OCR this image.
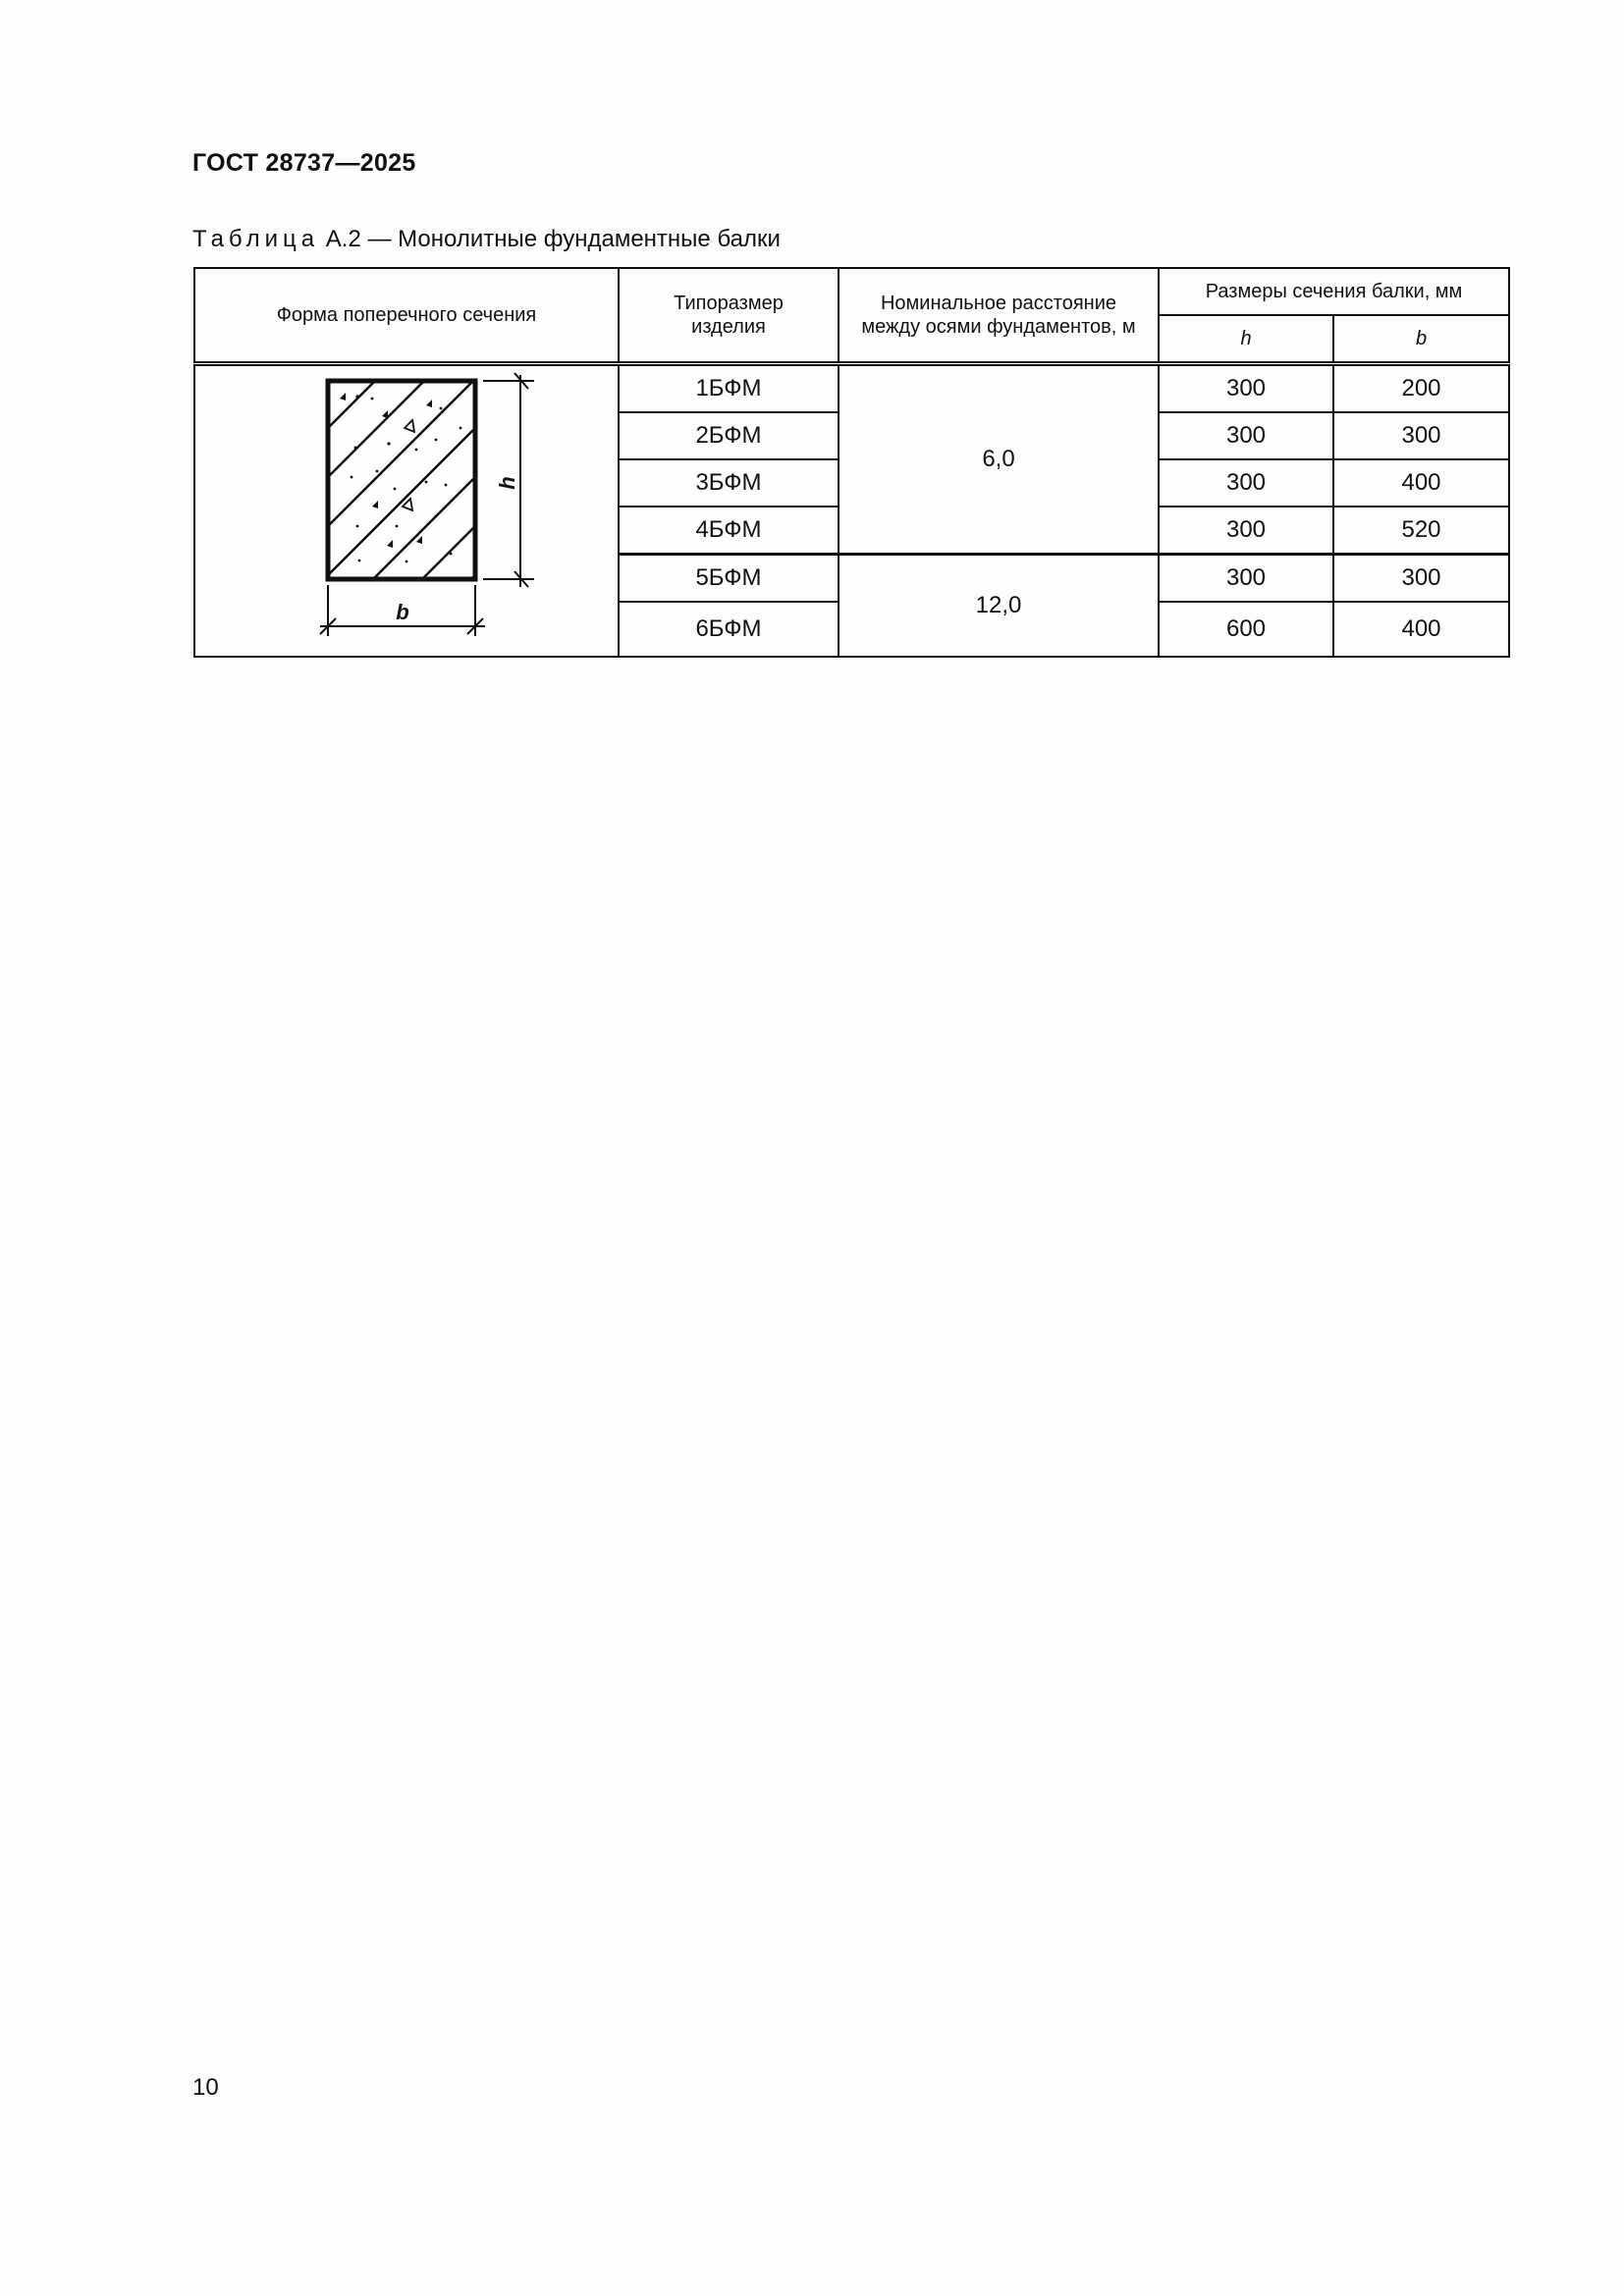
ГОСТ 28737—2025
Таблица А.2 — Монолитные фундаментные балки
Форма поперечного сечения	Типоразмер изделия	Номинальное расстояние между осями фундаментов, м	Размеры сечения балки, мм	
			h	b

h
b	1БФМ	6,0	300	200
	2БФМ		300	300
	3БФМ		300	400
	4БФМ		300	520
	5БФМ	12,0	300	300
	6БФМ		600	400
10
